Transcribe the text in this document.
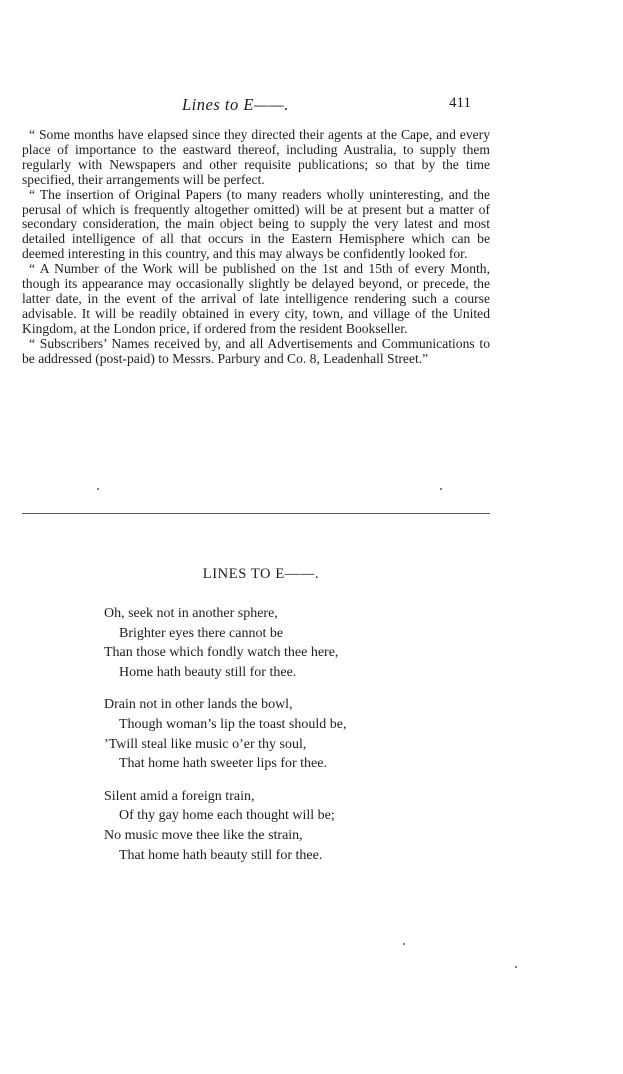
Lines to E——.	411

“ Some months have elapsed since they directed their agents at the Cape, and every place of importance to the eastward thereof, including Australia, to supply them regularly with Newspapers and other requisite publications; so that by the time specified, their arrangements will be perfect.

“ The insertion of Original Papers (to many readers wholly uninteresting, and the perusal of which is frequently altogether omitted) will be at present but a matter of secondary consideration, the main object being to supply the very latest and most detailed intelligence of all that occurs in the Eastern Hemisphere which can be deemed interesting in this country, and this may always be confidently looked for.

“ A Number of the Work will be published on the 1st and 15th of every Month, though its appearance may occasionally slightly be delayed beyond, or precede, the latter date, in the event of the arrival of late intelligence rendering such a course advisable. It will be readily obtained in every city, town, and village of the United Kingdom, at the London price, if ordered from the resident Bookseller.

“ Subscribers’ Names received by, and all Advertisements and Communications to be addressed (post-paid) to Messrs. Parbury and Co. 8, Leadenhall Street.”

LINES TO E——.
Oh, seek not in another sphere,
Brighter eyes there cannot be
Than those which fondly watch thee here,
Home hath beauty still for thee.
Drain not in other lands the bowl,
Though woman’s lip the toast should be,
’Twill steal like music o’er thy soul,
That home hath sweeter lips for thee.
Silent amid a foreign train,
Of thy gay home each thought will be;
No music move thee like the strain,
That home hath beauty still for thee.
